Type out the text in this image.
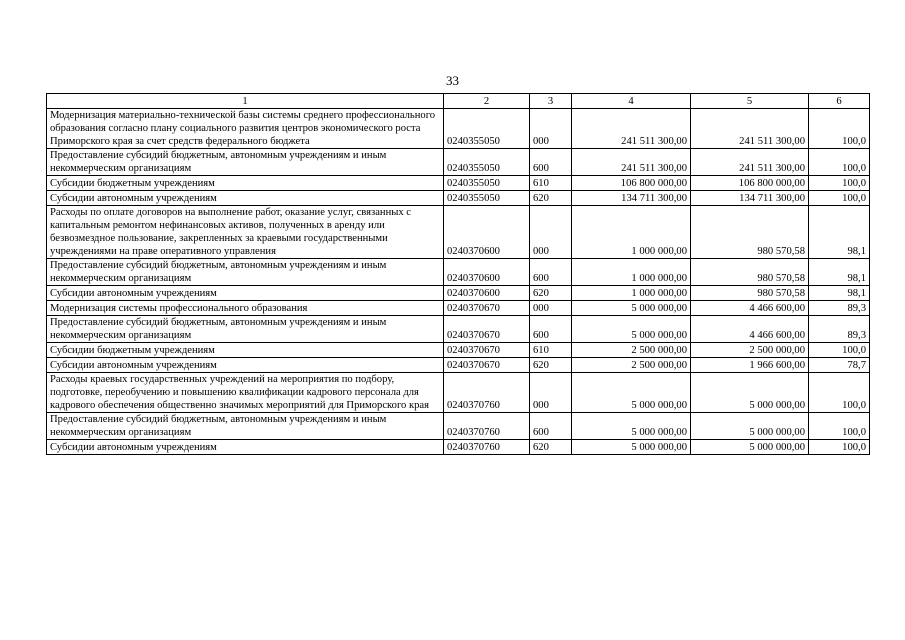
33
1	2	3	4	5	6
Модернизация материально-технической базы системы среднего профессионального образования согласно плану социального развития центров экономического роста Приморского края за счет средств федерального бюджета	0240355050	000	241 511 300,00	241 511 300,00	100,0
Предоставление субсидий бюджетным, автономным учреждениям и иным некоммерческим организациям	0240355050	600	241 511 300,00	241 511 300,00	100,0
Субсидии бюджетным учреждениям	0240355050	610	106 800 000,00	106 800 000,00	100,0
Субсидии автономным учреждениям	0240355050	620	134 711 300,00	134 711 300,00	100,0
Расходы по оплате договоров на выполнение работ, оказание услуг, связанных с капитальным ремонтом нефинансовых активов, полученных в аренду или безвозмездное пользование, закрепленных за краевыми государственными учреждениями на праве оперативного управления	0240370600	000	1 000 000,00	980 570,58	98,1
Предоставление субсидий бюджетным, автономным учреждениям и иным некоммерческим организациям	0240370600	600	1 000 000,00	980 570,58	98,1
Субсидии автономным учреждениям	0240370600	620	1 000 000,00	980 570,58	98,1
Модернизация системы профессионального образования	0240370670	000	5 000 000,00	4 466 600,00	89,3
Предоставление субсидий бюджетным, автономным учреждениям и иным некоммерческим организациям	0240370670	600	5 000 000,00	4 466 600,00	89,3
Субсидии бюджетным учреждениям	0240370670	610	2 500 000,00	2 500 000,00	100,0
Субсидии автономным учреждениям	0240370670	620	2 500 000,00	1 966 600,00	78,7
Расходы краевых государственных учреждений на мероприятия по подбору, подготовке, переобучению и повышению квалификации кадрового персонала для кадрового обеспечения общественно значимых мероприятий для Приморского края	0240370760	000	5 000 000,00	5 000 000,00	100,0
Предоставление субсидий бюджетным, автономным учреждениям и иным некоммерческим организациям	0240370760	600	5 000 000,00	5 000 000,00	100,0
Субсидии автономным учреждениям	0240370760	620	5 000 000,00	5 000 000,00	100,0
